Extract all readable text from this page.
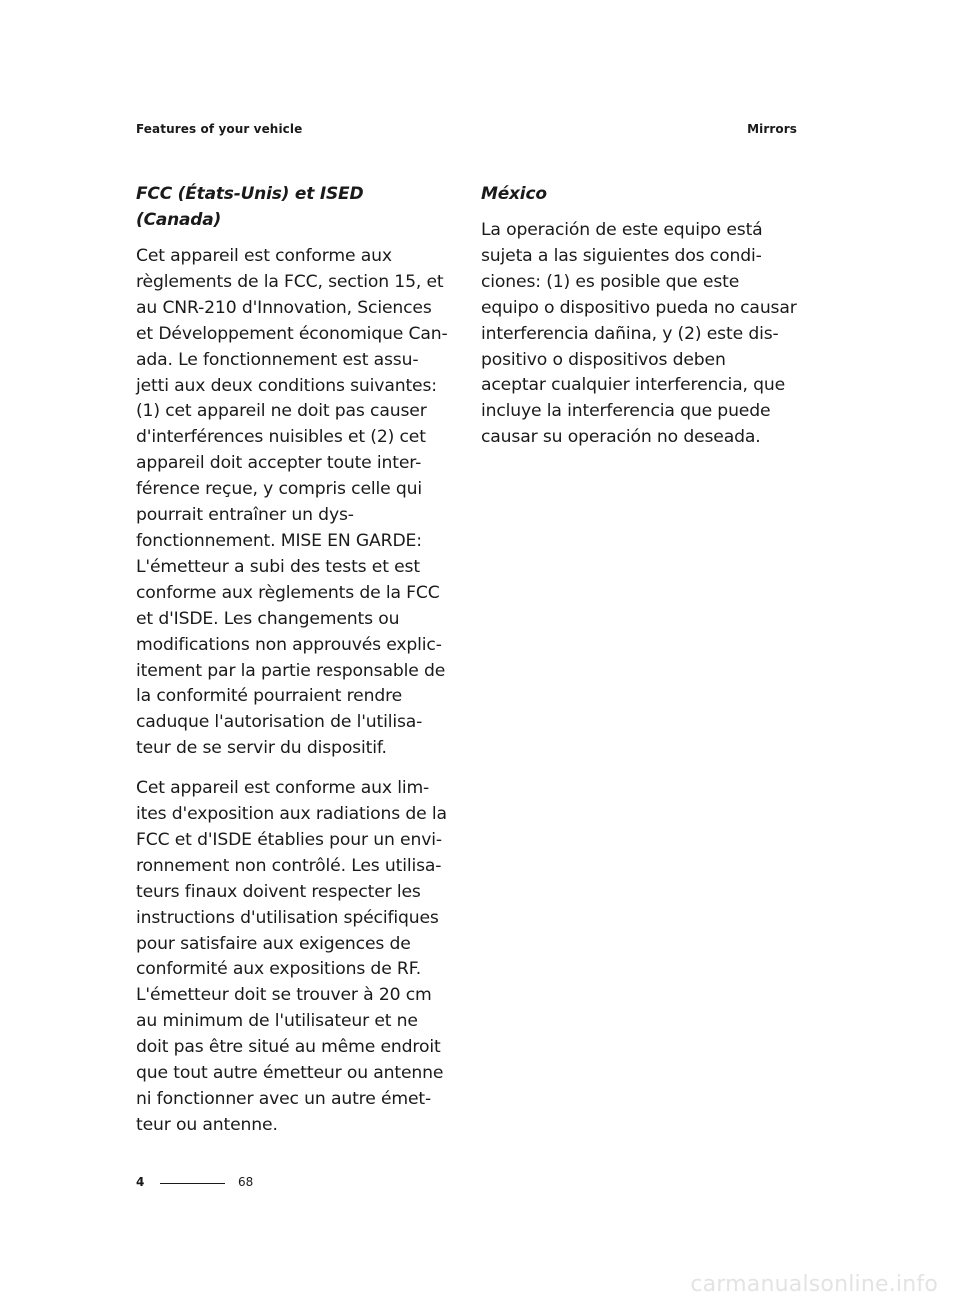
Features of your vehicle	Mirrors
FCC (États-Unis) et ISED (Canada)

Cet appareil est conforme aux
règlements de la FCC, section 15, et
au CNR-210 d'Innovation, Sciences
et Développement économique Can-
ada. Le fonctionnement est assu-
jetti aux deux conditions suivantes:
(1) cet appareil ne doit pas causer
d'interférences nuisibles et (2) cet
appareil doit accepter toute inter-
férence reçue, y compris celle qui
pourrait entraîner un dys-
fonctionnement. MISE EN GARDE:
L'émetteur a subi des tests et est
conforme aux règlements de la FCC
et d'ISDE. Les changements ou
modifications non approuvés explic-
itement par la partie responsable de
la conformité pourraient rendre
caduque l'autorisation de l'utilisa-
teur de se servir du dispositif.

Cet appareil est conforme aux lim-
ites d'exposition aux radiations de la
FCC et d'ISDE établies pour un envi-
ronnement non contrôlé. Les utilisa-
teurs finaux doivent respecter les
instructions d'utilisation spécifiques
pour satisfaire aux exigences de
conformité aux expositions de RF.
L'émetteur doit se trouver à 20 cm
au minimum de l'utilisateur et ne
doit pas être situé au même endroit
que tout autre émetteur ou antenne
ni fonctionner avec un autre émet-
teur ou antenne.

México

La operación de este equipo está
sujeta a las siguientes dos condi-
ciones: (1) es posible que este
equipo o dispositivo pueda no causar
interferencia dañina, y (2) este dis-
positivo o dispositivos deben
aceptar cualquier interferencia, que
incluye la interferencia que puede
causar su operación no deseada.

4	68
carmanualsonline.info
